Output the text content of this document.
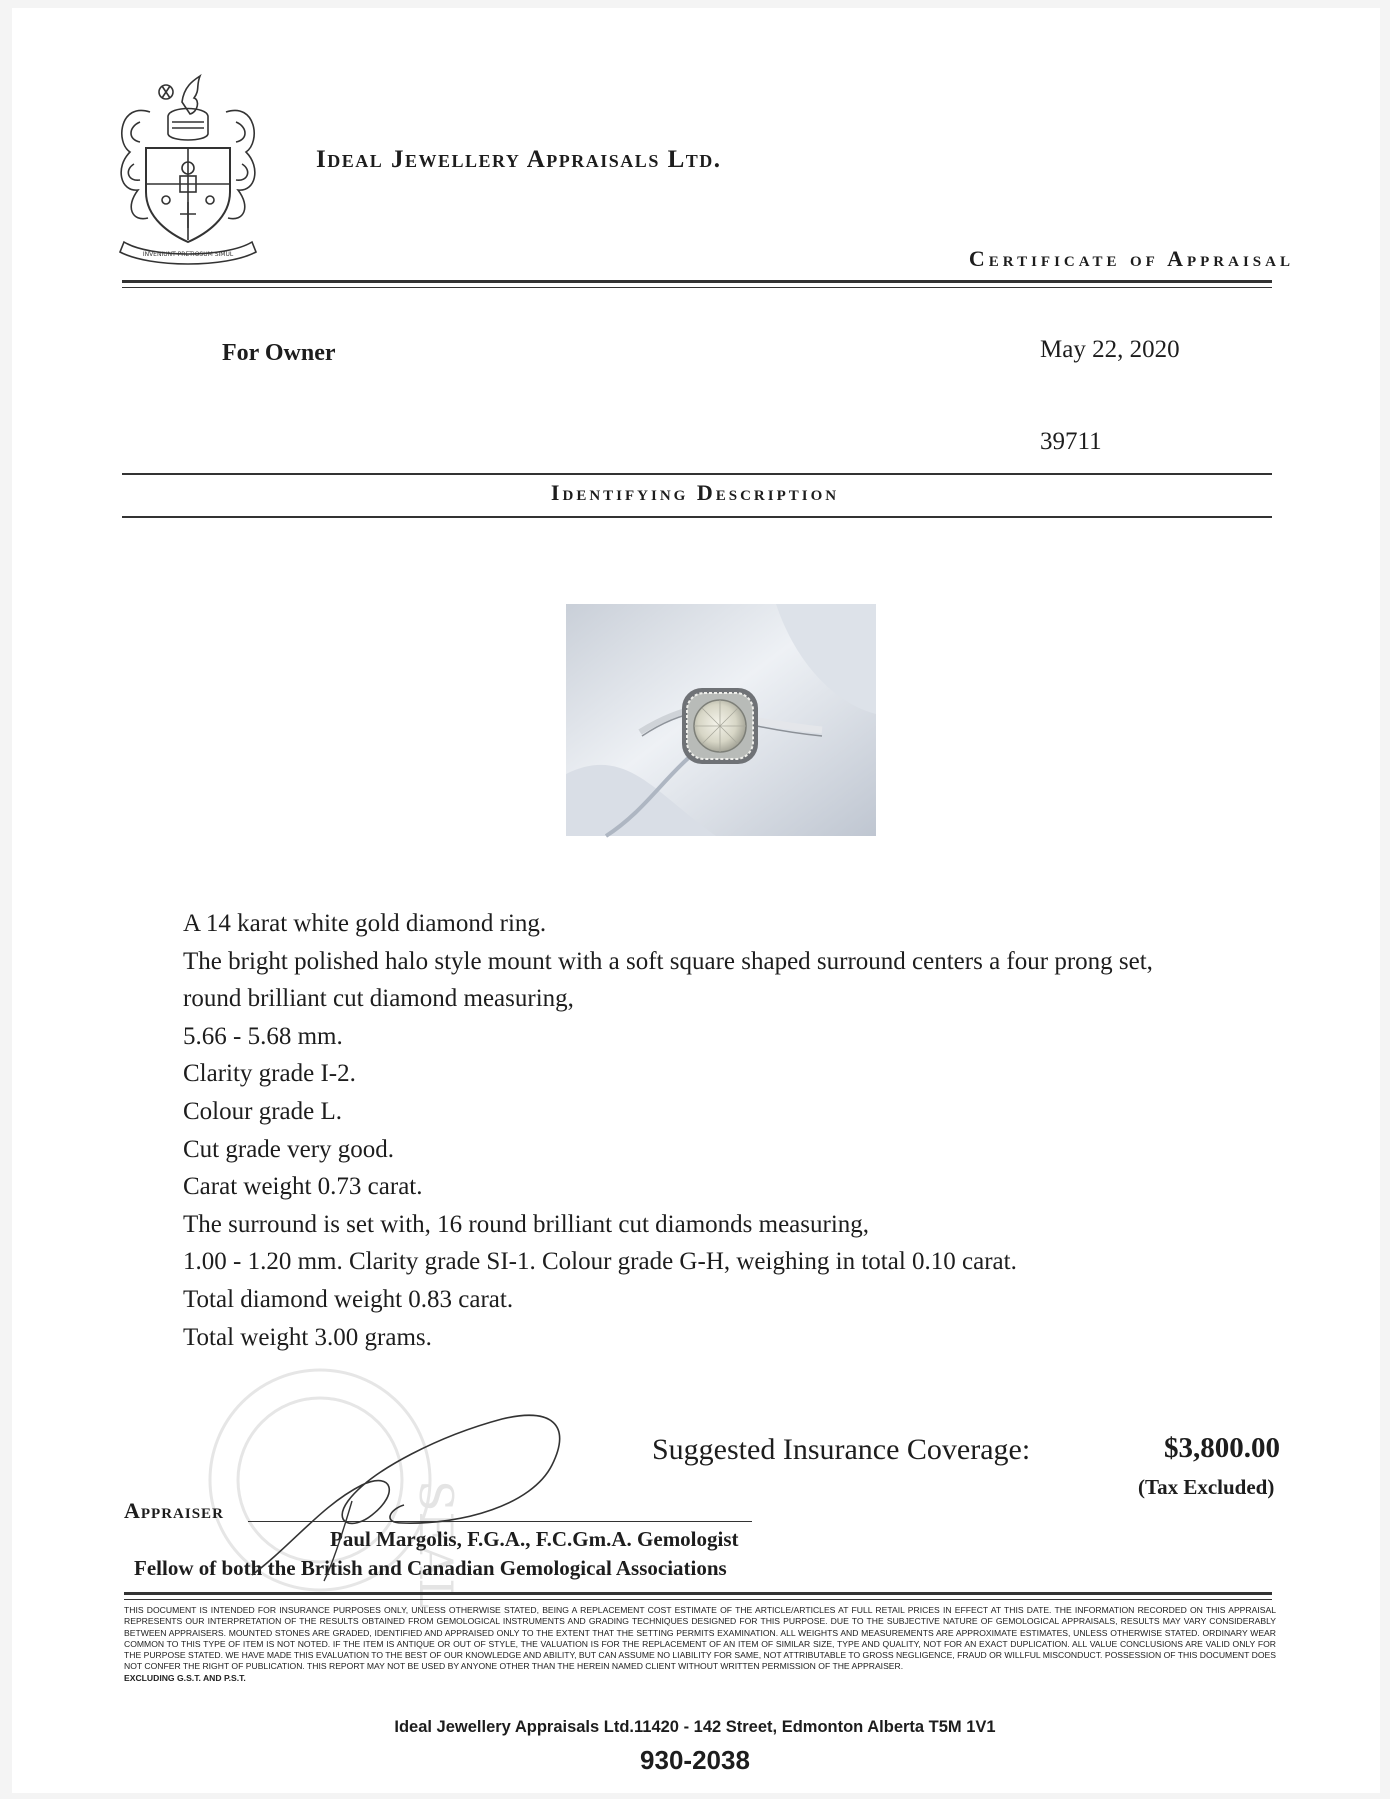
INVENIUNT PRETIOSUM SIMUL
Ideal Jewellery Appraisals Ltd.
Certificate of Appraisal
For Owner	May 22, 2020
39711
Identifying Description
A 14 karat white gold diamond ring.
The bright polished halo style mount with a soft square shaped surround centers a four prong set,
round brilliant cut diamond measuring,
5.66 - 5.68 mm.
Clarity grade I-2.
Colour grade L.
Cut grade very good.
Carat weight 0.73 carat.
The surround is set with, 16 round brilliant cut diamonds measuring,
1.00 - 1.20 mm. Clarity grade SI-1. Colour grade G-H, weighing in total 0.10 carat.
Total diamond weight 0.83 carat.
Total weight 3.00 grams.
SEAL
Suggested Insurance Coverage:	$3,800.00
(Tax Excluded)
Appraiser
Paul Margolis, F.G.A., F.C.Gm.A. Gemologist
Fellow of both the British and Canadian Gemological Associations
THIS DOCUMENT IS INTENDED FOR INSURANCE PURPOSES ONLY, UNLESS OTHERWISE STATED, BEING A REPLACEMENT COST ESTIMATE OF THE ARTICLE/ARTICLES AT FULL RETAIL PRICES IN EFFECT AT THIS DATE. THE INFORMATION RECORDED ON THIS APPRAISAL REPRESENTS OUR INTERPRETATION OF THE RESULTS OBTAINED FROM GEMOLOGICAL INSTRUMENTS AND GRADING TECHNIQUES DESIGNED FOR THIS PURPOSE. DUE TO THE SUBJECTIVE NATURE OF GEMOLOGICAL APPRAISALS, RESULTS MAY VARY CONSIDERABLY BETWEEN APPRAISERS. MOUNTED STONES ARE GRADED, IDENTIFIED AND APPRAISED ONLY TO THE EXTENT THAT THE SETTING PERMITS EXAMINATION. ALL WEIGHTS AND MEASUREMENTS ARE APPROXIMATE ESTIMATES, UNLESS OTHERWISE STATED. ORDINARY WEAR COMMON TO THIS TYPE OF ITEM IS NOT NOTED. IF THE ITEM IS ANTIQUE OR OUT OF STYLE, THE VALUATION IS FOR THE REPLACEMENT OF AN ITEM OF SIMILAR SIZE, TYPE AND QUALITY, NOT FOR AN EXACT DUPLICATION. ALL VALUE CONCLUSIONS ARE VALID ONLY FOR THE PURPOSE STATED. WE HAVE MADE THIS EVALUATION TO THE BEST OF OUR KNOWLEDGE AND ABILITY, BUT CAN ASSUME NO LIABILITY FOR SAME, NOT ATTRIBUTABLE TO GROSS NEGLIGENCE, FRAUD OR WILLFUL MISCONDUCT. POSSESSION OF THIS DOCUMENT DOES NOT CONFER THE RIGHT OF PUBLICATION. THIS REPORT MAY NOT BE USED BY ANYONE OTHER THAN THE HEREIN NAMED CLIENT WITHOUT WRITTEN PERMISSION OF THE APPRAISER.
EXCLUDING G.S.T. AND P.S.T.
Ideal Jewellery Appraisals Ltd.11420 - 142 Street, Edmonton Alberta T5M 1V1
930-2038
